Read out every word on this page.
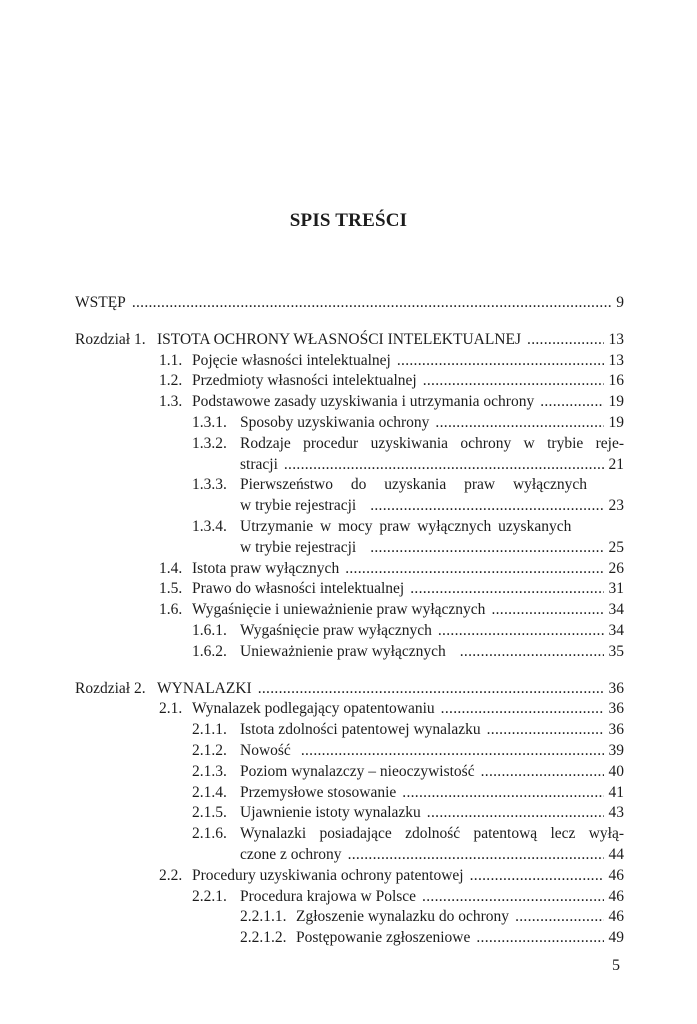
SPIS TREŚCI
WSTĘP .....	9
Rozdział 1. ISTOTA OCHRONY WŁASNOŚCI INTELEKTUALNEJ .....	13
1.1. Pojęcie własności intelektualnej .....	13
1.2. Przedmioty własności intelektualnej .....	16
1.3. Podstawowe zasady uzyskiwania i utrzymania ochrony .....	19
1.3.1. Sposoby uzyskiwania ochrony .....	19
1.3.2. Rodzaje procedur uzyskiwania ochrony w trybie reje-
stracji .....	21
1.3.3. Pierwszeństwo do uzyskania praw wyłącznych
w trybie rejestracji .....	23
1.3.4. Utrzymanie w mocy praw wyłącznych uzyskanych
w trybie rejestracji .....	25
1.4. Istota praw wyłącznych .....	26
1.5. Prawo do własności intelektualnej .....	31
1.6. Wygaśnięcie i unieważnienie praw wyłącznych .....	34
1.6.1. Wygaśnięcie praw wyłącznych .....	34
1.6.2. Unieważnienie praw wyłącznych .....	35
Rozdział 2. WYNALAZKI .....	36
2.1. Wynalazek podlegający opatentowaniu .....	36
2.1.1. Istota zdolności patentowej wynalazku .....	36
2.1.2. Nowość .....	39
2.1.3. Poziom wynalazczy – nieoczywistość .....	40
2.1.4. Przemysłowe stosowanie .....	41
2.1.5. Ujawnienie istoty wynalazku .....	43
2.1.6. Wynalazki posiadające zdolność patentową lecz wyłą-
czone z ochrony .....	44
2.2. Procedury uzyskiwania ochrony patentowej .....	46
2.2.1. Procedura krajowa w Polsce .....	46
2.2.1.1. Zgłoszenie wynalazku do ochrony .....	46
2.2.1.2. Postępowanie zgłoszeniowe .....	49
5
